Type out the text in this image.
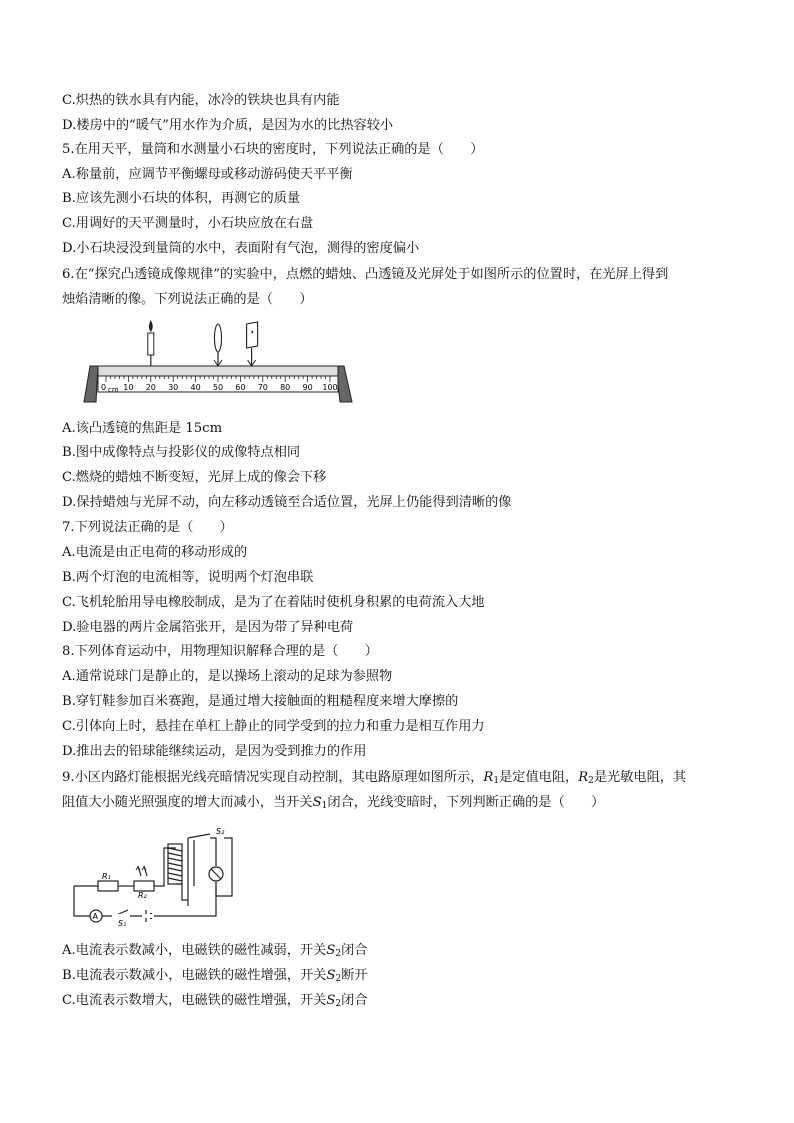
C.炽热的铁水具有内能，冰冷的铁块也具有内能
D.楼房中的“暖气”用水作为介质，是因为水的比热容较小
5.在用天平，量筒和水测量小石块的密度时，下列说法正确的是（　　）
A.称量前，应调节平衡螺母或移动游码使天平平衡
B.应该先测小石块的体积，再测它的质量
C.用调好的天平测量时，小石块应放在右盘
D.小石块浸没到量筒的水中，表面附有气泡，测得的密度偏小
6.在“探究凸透镜成像规律”的实验中，点燃的蜡烛、凸透镜及光屏处于如图所示的位置时，在光屏上得到
烛焰清晰的像。下列说法正确的是（　　）
0 cm 10 20 30 40 50 60 70 80 90 100
A.该凸透镜的焦距是 15cm
B.图中成像特点与投影仪的成像特点相同
C.燃烧的蜡烛不断变短，光屏上成的像会下移
D.保持蜡烛与光屏不动，向左移动透镜至合适位置，光屏上仍能得到清晰的像
7.下列说法正确的是（　　）
A.电流是由正电荷的移动形成的
B.两个灯泡的电流相等，说明两个灯泡串联
C.飞机轮胎用导电橡胶制成，是为了在着陆时使机身积累的电荷流入大地
D.验电器的两片金属箔张开，是因为带了异种电荷
8.下列体育运动中，用物理知识解释合理的是（　　）
A.通常说球门是静止的，是以操场上滚动的足球为参照物
B.穿钉鞋参加百米赛跑，是通过增大接触面的粗糙程度来增大摩擦的
C.引体向上时，悬挂在单杠上静止的同学受到的拉力和重力是相互作用力
D.推出去的铅球能继续运动，是因为受到推力的作用
9.小区内路灯能根据光线亮暗情况实现自动控制，其电路原理如图所示，$R_1$是定值电阻，$R_2$是光敏电阻，其
阻值大小随光照强度的增大而减小，当开关$S_1$闭合，光线变暗时，下列判断正确的是（　　）
R₁
R₂
A
S₁
S₂
A.电流表示数减小，电磁铁的磁性减弱，开关$S_2$闭合
B.电流表示数减小，电磁铁的磁性增强，开关$S_2$断开
C.电流表示数增大，电磁铁的磁性增强，开关$S_2$闭合
